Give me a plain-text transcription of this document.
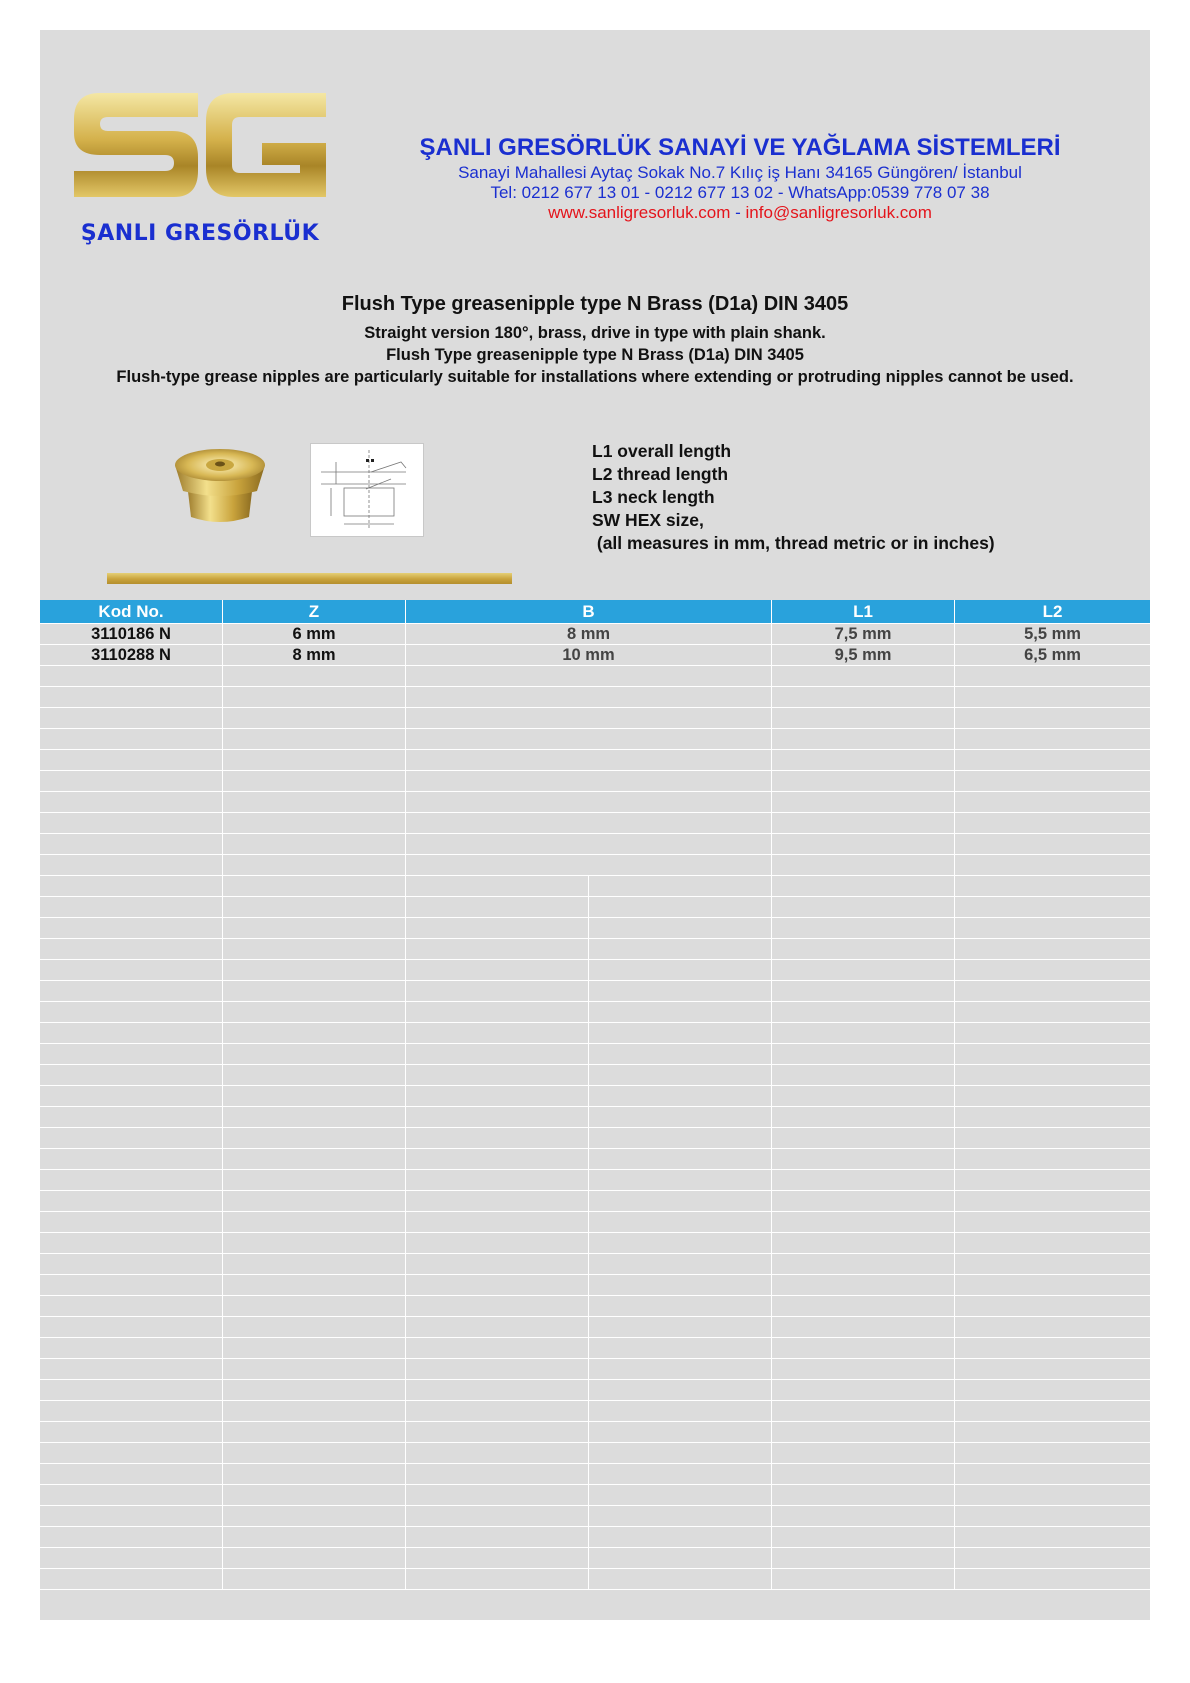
ŞANLI GRESÖRLÜK
ŞANLI GRESÖRLÜK SANAYİ VE YAĞLAMA SİSTEMLERİ
Sanayi Mahallesi Aytaç Sokak No.7 Kılıç iş Hanı 34165 Güngören/ İstanbul
Tel: 0212 677 13 01 - 0212 677 13 02 - WhatsApp:0539 778 07 38
www.sanligresorluk.com - info@sanligresorluk.com
Flush Type greasenipple type N Brass (D1a) DIN 3405
Straight version 180°, brass, drive in type with plain shank.
Flush Type greasenipple type N Brass (D1a) DIN 3405
Flush-type grease nipples are particularly suitable for installations where extending or protruding nipples cannot be used.
L1 overall length
L2 thread length
L3 neck length
SW HEX size,
(all measures in mm, thread metric or in inches)
Kod No.	Z	B	L1	L2
3110186 N	6 mm	8 mm	7,5 mm	5,5 mm
3110288 N	8 mm	10 mm	9,5 mm	6,5 mm
